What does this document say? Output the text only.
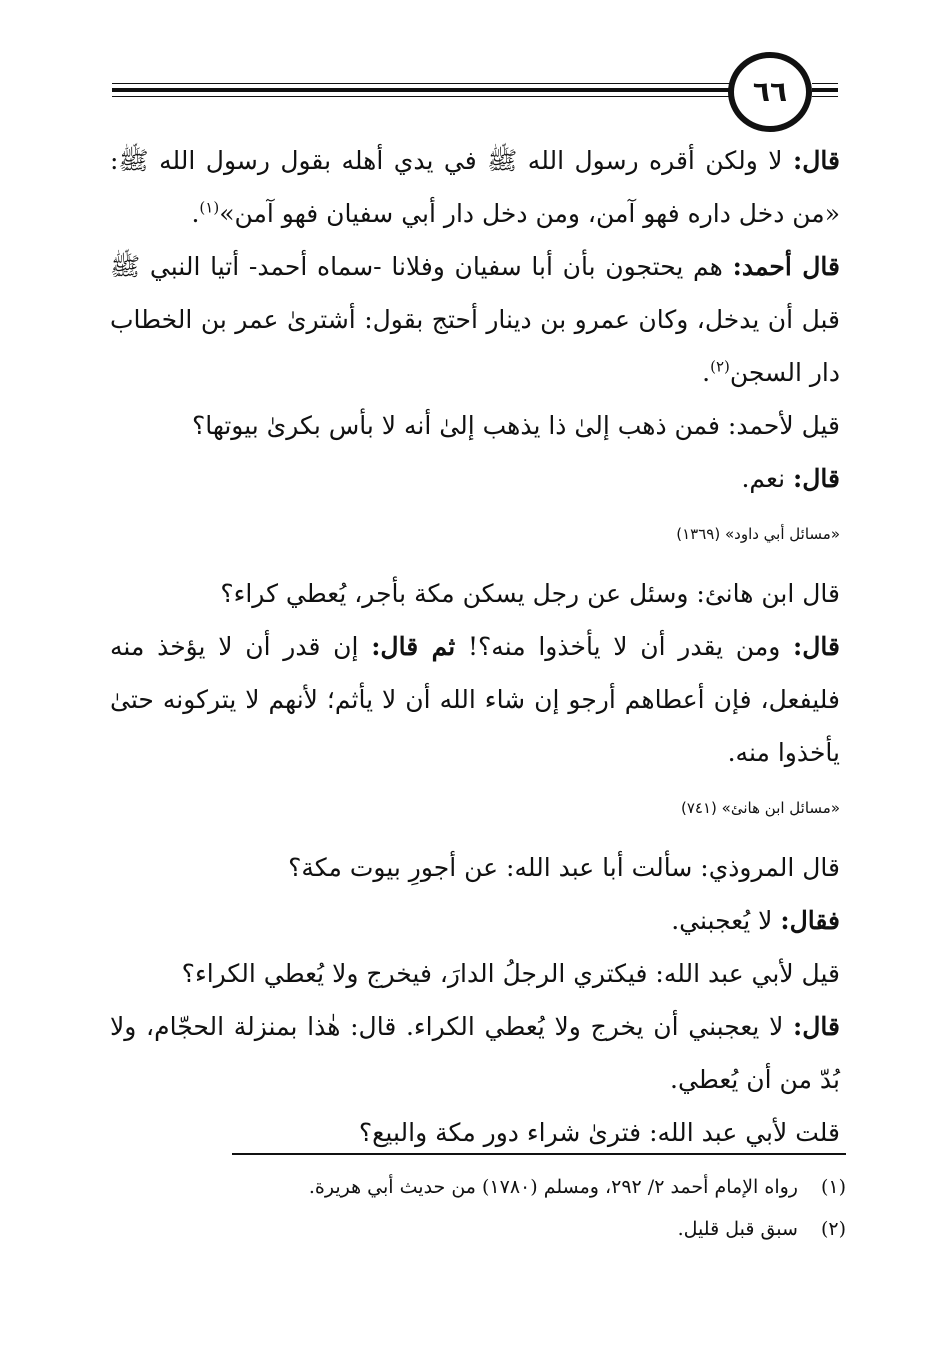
٦٦

قال: لا ولكن أقره رسول الله ﷺ في يدي أهله بقول رسول الله ﷺ: «من دخل داره فهو آمن، ومن دخل دار أبي سفيان فهو آمن»$^{(١)}$.

قال أحمد: هم يحتجون بأن أبا سفيان وفلانا -سماه أحمد- أتيا النبي ﷺ قبل أن يدخل، وكان عمرو بن دينار أحتج بقول: أشترىٰ عمر بن الخطاب دار السجن$^{(٢)}$.

قيل لأحمد: فمن ذهب إلىٰ ذا يذهب إلىٰ أنه لا بأس بكرىٰ بيوتها؟

قال: نعم.

«مسائل أبي داود» (١٣٦٩)

قال ابن هانئ: وسئل عن رجل يسكن مكة بأجر، يُعطي كراء؟

قال: ومن يقدر أن لا يأخذوا منه؟! ثم قال: إن قدر أن لا يؤخذ منه فليفعل، فإن أعطاهم أرجو إن شاء الله أن لا يأثم؛ لأنهم لا يتركونه حتىٰ يأخذوا منه.

«مسائل ابن هانئ» (٧٤١)

قال المروذي: سألت أبا عبد الله: عن أجورِ بيوت مكة؟

فقال: لا يُعجبني.

قيل لأبي عبد الله: فيكتري الرجلُ الدارَ، فيخرج ولا يُعطي الكراء؟

قال: لا يعجبني أن يخرج ولا يُعطي الكراء. قال: هٰذا بمنزلة الحجّام، ولا بُدّ من أن يُعطي.

قلت لأبي عبد الله: فترىٰ شراء دور مكة والبيع؟

(١) رواه الإمام أحمد ٢/ ٢٩٢، ومسلم (١٧٨٠) من حديث أبي هريرة.

(٢) سبق قبل قليل.
